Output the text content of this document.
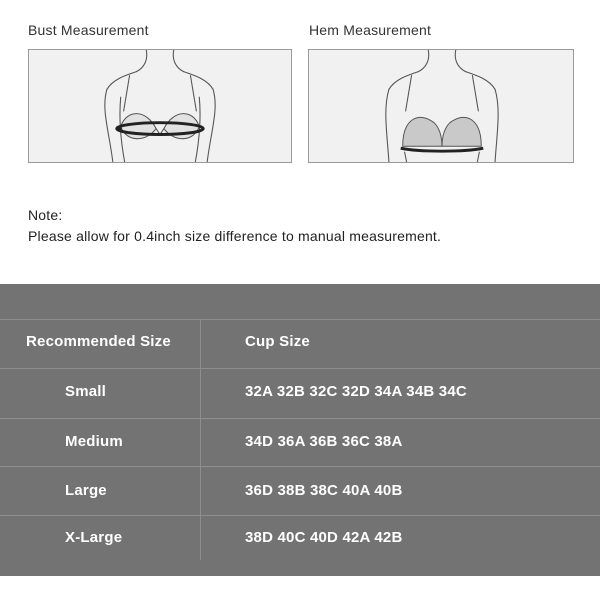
Bust Measurement	Hem Measurement
Note:
Please allow for 0.4inch size difference to manual measurement.
Recommended Size	Cup Size
Small	32A 32B 32C 32D 34A 34B 34C
Medium	34D 36A 36B 36C 38A
Large	36D 38B 38C 40A 40B
X-Large	38D 40C 40D 42A 42B
